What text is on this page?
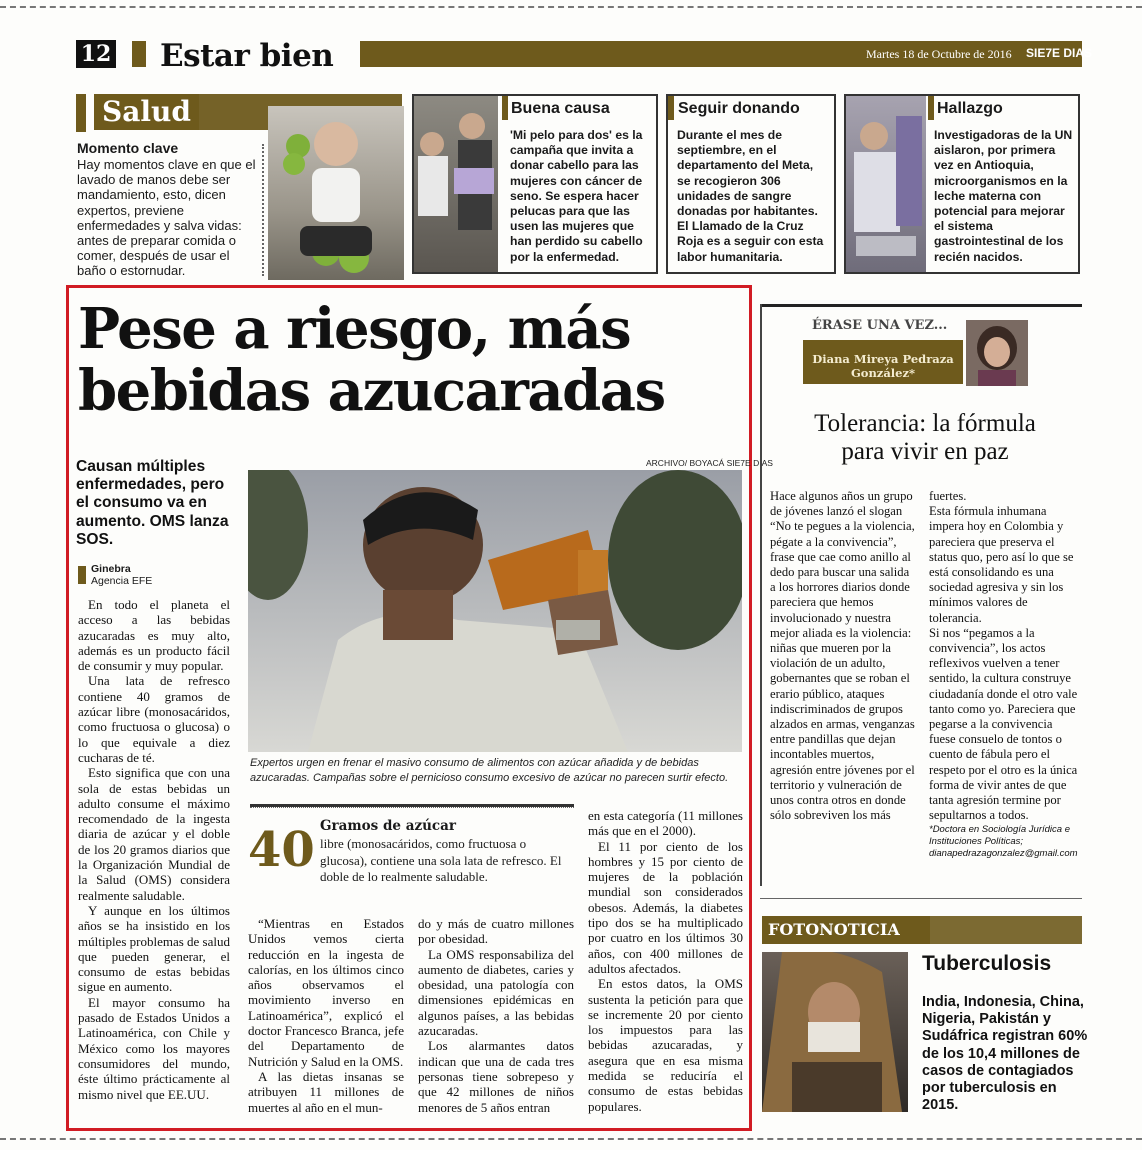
12 Estar bien	Martes 18 de Octubre de 2016 SIE7E DIAS
Salud
Momento clave
Hay momentos clave en que el lavado de manos debe ser mandamiento, esto, dicen expertos, previene enfermedades y salva vidas: antes de preparar comida o comer, después de usar el baño o estornudar.
Buena causa
'Mi pelo para dos' es la campaña que invita a donar cabello para las mujeres con cáncer de seno. Se espera hacer pelucas para que las usen las mujeres que han perdido su cabello por la enfermedad.
Seguir donando
Durante el mes de septiembre, en el departamento del Meta, se recogieron 306 unidades de sangre donadas por habitantes. El Llamado de la Cruz Roja es a seguir con esta labor humanitaria.
Hallazgo
Investigadoras de la UN aislaron, por primera vez en Antioquia, microorganismos en la leche materna con potencial para mejorar el sistema gastrointestinal de los recién nacidos.
Pese a riesgo, más bebidas azucaradas
Causan múltiples enfermedades, pero el consumo va en aumento. OMS lanza SOS.
Ginebra
Agencia EFE
ARCHIVO/ BOYACÁ SIE7E DÍAS
Expertos urgen en frenar el masivo consumo de alimentos con azúcar añadida y de bebidas azucaradas. Campañas sobre el pernicioso consumo excesivo de azúcar no parecen surtir efecto.

En todo el planeta el acceso a las bebidas azucaradas es muy alto, además es un producto fácil de consumir y muy popular.

Una lata de refresco contiene 40 gramos de azúcar libre (monosacáridos, como fructuosa o glucosa) o lo que equivale a diez cucharas de té.

Esto significa que con una sola de estas bebidas un adulto consume el máximo recomendado de la ingesta diaria de azúcar y el doble de los 20 gramos diarios que la Organización Mundial de la Salud (OMS) considera realmente saludable.

Y aunque en los últimos años se ha insistido en los múltiples problemas de salud que pueden generar, el consumo de estas bebidas sigue en aumento.

El mayor consumo ha pasado de Estados Unidos a Latinoamérica, con Chile y México como los mayores consumidores del mundo, éste último prácticamente al mismo nivel que EE.UU.

40 Gramos de azúcar
libre (monosacáridos, como fructuosa o glucosa), contiene una sola lata de refresco. El doble de lo realmente saludable.

“Mientras en Estados Unidos vemos cierta reducción en la ingesta de calorías, en los últimos cinco años observamos el movimiento inverso en Latinoamérica”, explicó el doctor Francesco Branca, jefe del Departamento de Nutrición y Salud en la OMS.

A las dietas insanas se atribuyen 11 millones de muertes al año en el mun-

do y más de cuatro millones por obesidad.

La OMS responsabiliza del aumento de diabetes, caries y obesidad, una patología con dimensiones epidémicas en algunos países, a las bebidas azucaradas.

Los alarmantes datos indican que una de cada tres personas tiene sobrepeso y que 42 millones de niños menores de 5 años entran

en esta categoría (11 millones más que en el 2000).

El 11 por ciento de los hombres y 15 por ciento de mujeres de la población mundial son considerados obesos. Además, la diabetes tipo dos se ha multiplicado por cuatro en los últimos 30 años, con 400 millones de adultos afectados.

En estos datos, la OMS sustenta la petición para que se incremente 20 por ciento los impuestos para las bebidas azucaradas, y asegura que en esa misma medida se reduciría el consumo de estas bebidas populares.

ÉRASE UNA VEZ...
Diana Mireya Pedraza González*
Tolerancia: la fórmula para vivir en paz
Hace algunos años un grupo de jóvenes lanzó el slogan “No te pegues a la violencia, pégate a la convivencia”, frase que cae como anillo al dedo para buscar una salida a los horrores diarios donde pareciera que hemos involucionado y nuestra mejor aliada es la violencia: niñas que mueren por la violación de un adulto, gobernantes que se roban el erario público, ataques indiscriminados de grupos alzados en armas, venganzas entre pandillas que dejan incontables muertos, agresión entre jóvenes por el territorio y vulneración de unos contra otros en donde sólo sobreviven los más
fuertes.
Esta fórmula inhumana impera hoy en Colombia y pareciera que preserva el status quo, pero así lo que se está consolidando es una sociedad agresiva y sin los mínimos valores de tolerancia.
Si nos “pegamos a la convivencia”, los actos reflexivos vuelven a tener sentido, la cultura construye ciudadanía donde el otro vale tanto como yo. Pareciera que pegarse a la convivencia fuese consuelo de tontos o cuento de fábula pero el respeto por el otro es la única forma de vivir antes de que tanta agresión termine por sepultarnos a todos.
*Doctora en Sociología Jurídica e Instituciones Políticas; dianapedrazagonzalez@gmail.com
FOTONOTICIA
Tuberculosis
India, Indonesia, China, Nigeria, Pakistán y Sudáfrica registran 60% de los 10,4 millones de casos de contagiados por tuberculosis en 2015.
